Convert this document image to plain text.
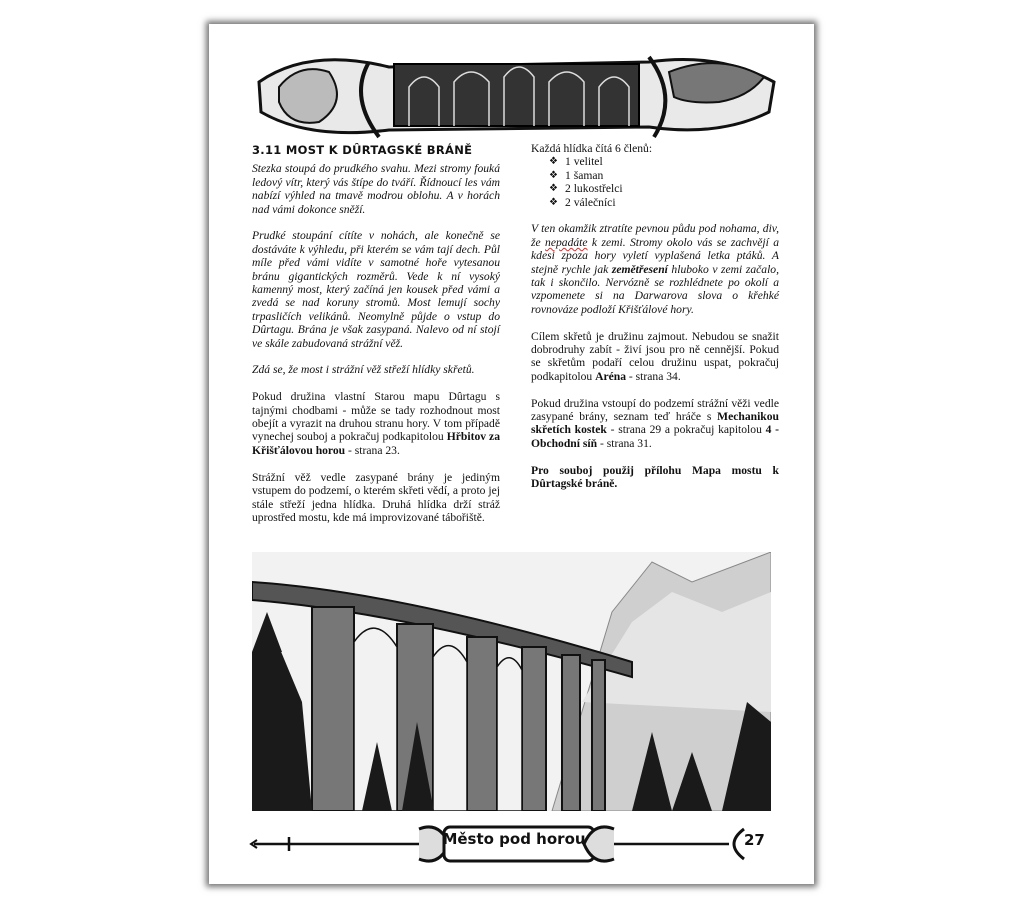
3.11 MOST K DÛRTAGSKÉ BRÁNĚ

Stezka stoupá do prudkého svahu. Mezi stromy fouká ledový vítr, který vás štípe do tváří. Řídnoucí les vám nabízí výhled na tmavě modrou oblohu. A v horách nad vámi dokonce sněží.

Prudké stoupání cítíte v nohách, ale konečně se dostáváte k výhledu, při kterém se vám tají dech. Půl míle před vámi vidíte v samotné hoře vytesanou bránu gigantických rozměrů. Vede k ní vysoký kamenný most, který začíná jen kousek před vámi a zvedá se nad koruny stromů. Most lemují sochy trpasličích velikánů. Neomylně půjde o vstup do Dûrtagu. Brána je však zasypaná. Nalevo od ní stojí ve skále zabudovaná strážní věž.

Zdá se, že most i strážní věž střeží hlídky skřetů.

Pokud družina vlastní Starou mapu Dûrtagu s tajnými chodbami - může se tady rozhodnout most obejít a vyrazit na druhou stranu hory. V tom případě vynechej souboj a pokračuj podkapitolou Hřbitov za Křišťálovou horou - strana 23.

Strážní věž vedle zasypané brány je jediným vstupem do podzemí, o kterém skřeti vědí, a proto jej stále střeží jedna hlídka. Druhá hlídka drží stráž uprostřed mostu, kde má improvizované tábořiště.

Každá hlídka čítá 6 členů:

❖ 1 velitel
❖ 1 šaman
❖ 2 lukostřelci
❖ 2 válečníci

V ten okamžik ztratíte pevnou půdu pod nohama, div, že nepadáte k zemi. Stromy okolo vás se zachvějí a kdesi zpoza hory vyletí vyplašená letka ptáků. A stejně rychle jak zemětřesení hluboko v zemi začalo, tak i skončilo. Nervózně se rozhlédnete po okolí a vzpomenete si na Darwarova slova o křehké rovnováze podloží Křišťálové hory.

Cílem skřetů je družinu zajmout. Nebudou se snažit dobrodruhy zabít - živí jsou pro ně cennější. Pokud se skřetům podaří celou družinu uspat, pokračuj podkapitolou Aréna - strana 34.

Pokud družina vstoupí do podzemí strážní věži vedle zasypané brány, seznam teď hráče s Mechanikou skřetích kostek - strana 29 a pokračuj kapitolou 4 - Obchodní síň - strana 31.

Pro souboj použij přílohu Mapa mostu k Dûrtagské bráně.

Město pod horou	27
